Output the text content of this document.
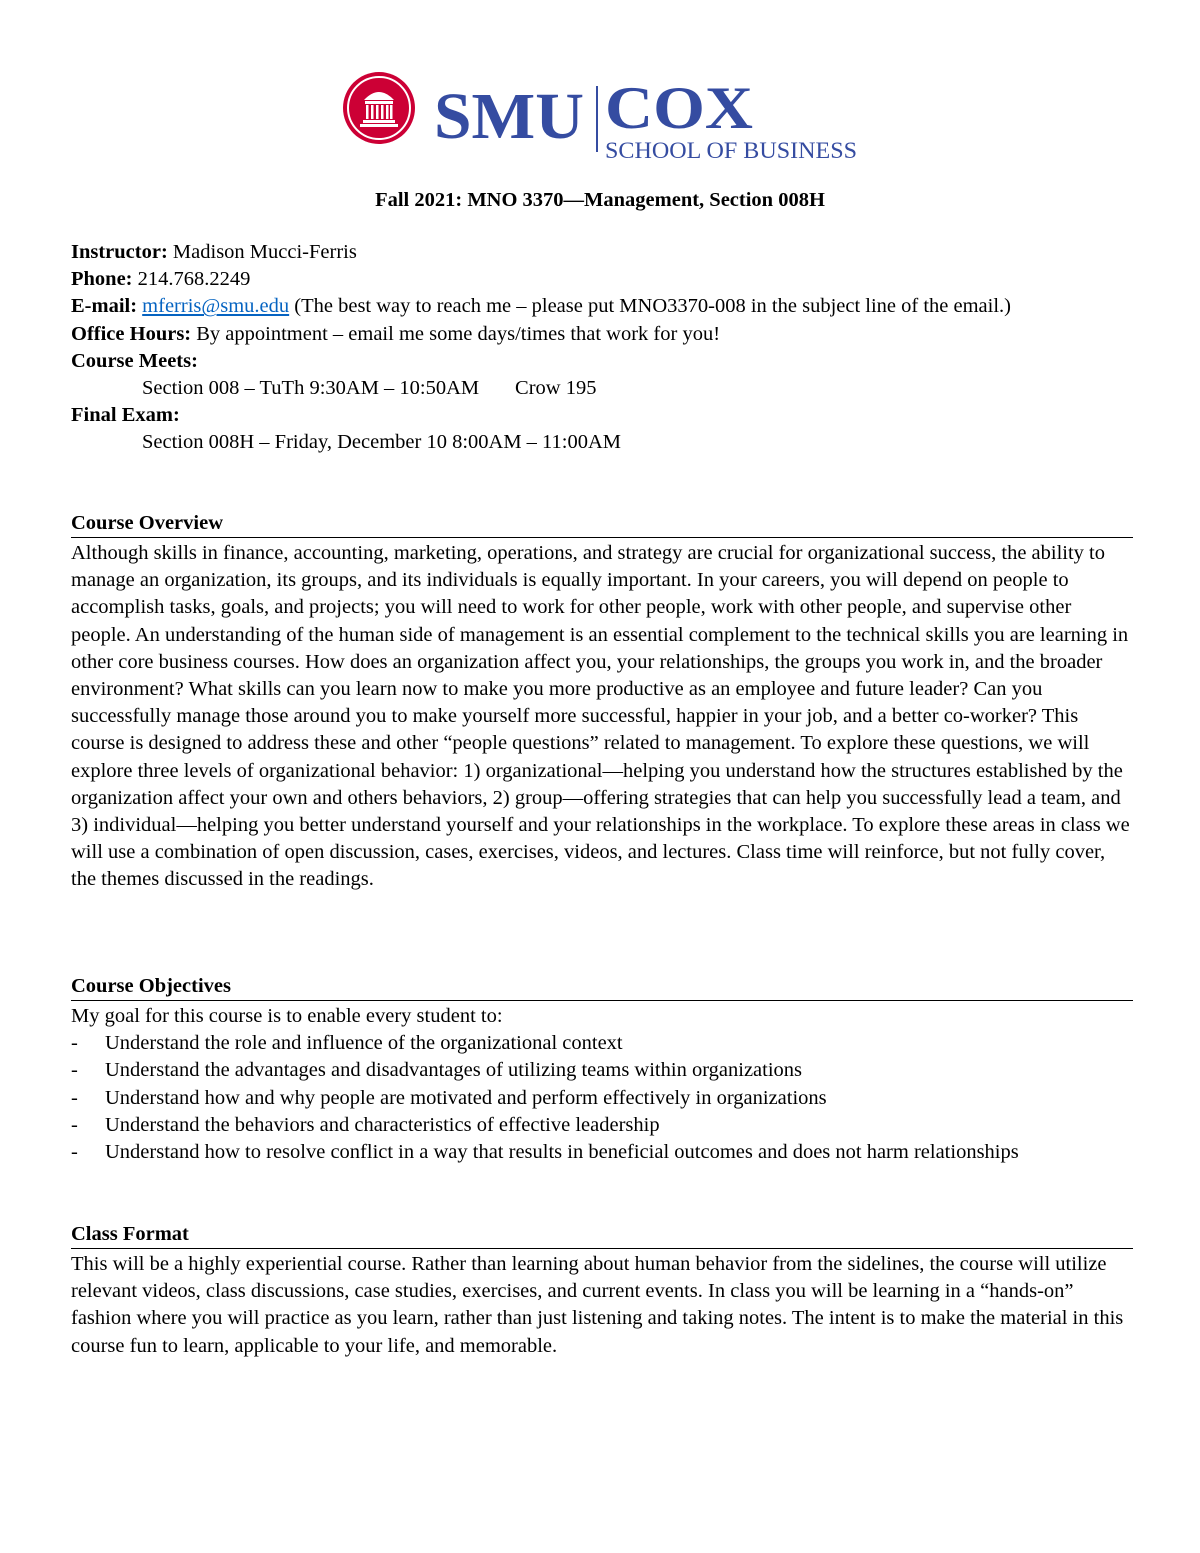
SMU COX
SCHOOL OF BUSINESS
Fall 2021: MNO 3370—Management, Section 008H
Instructor: Madison Mucci-Ferris
Phone: 214.768.2249
E-mail: mferris@smu.edu (The best way to reach me – please put MNO3370-008 in the subject line of the email.)
Office Hours: By appointment – email me some days/times that work for you!
Course Meets:
Section 008 – TuTh 9:30AM – 10:50AM       Crow 195
Final Exam:
Section 008H – Friday, December 10 8:00AM – 11:00AM
Course Overview

Although skills in finance, accounting, marketing, operations, and strategy are crucial for organizational success, the ability to manage an organization, its groups, and its individuals is equally important. In your careers, you will depend on people to accomplish tasks, goals, and projects; you will need to work for other people, work with other people, and supervise other people. An understanding of the human side of management is an essential complement to the technical skills you are learning in other core business courses. How does an organization affect you, your relationships, the groups you work in, and the broader environment? What skills can you learn now to make you more productive as an employee and future leader? Can you successfully manage those around you to make yourself more successful, happier in your job, and a better co-worker? This course is designed to address these and other “people questions” related to management. To explore these questions, we will explore three levels of organizational behavior: 1) organizational—helping you understand how the structures established by the organization affect your own and others behaviors, 2) group—offering strategies that can help you successfully lead a team, and 3) individual—helping you better understand yourself and your relationships in the workplace. To explore these areas in class we will use a combination of open discussion, cases, exercises, videos, and lectures. Class time will reinforce, but not fully cover, the themes discussed in the readings.

Course Objectives

My goal for this course is to enable every student to:

- Understand the role and influence of the organizational context
- Understand the advantages and disadvantages of utilizing teams within organizations
- Understand how and why people are motivated and perform effectively in organizations
- Understand the behaviors and characteristics of effective leadership
- Understand how to resolve conflict in a way that results in beneficial outcomes and does not harm relationships
Class Format

This will be a highly experiential course. Rather than learning about human behavior from the sidelines, the course will utilize relevant videos, class discussions, case studies, exercises, and current events. In class you will be learning in a “hands-on” fashion where you will practice as you learn, rather than just listening and taking notes. The intent is to make the material in this course fun to learn, applicable to your life, and memorable.
